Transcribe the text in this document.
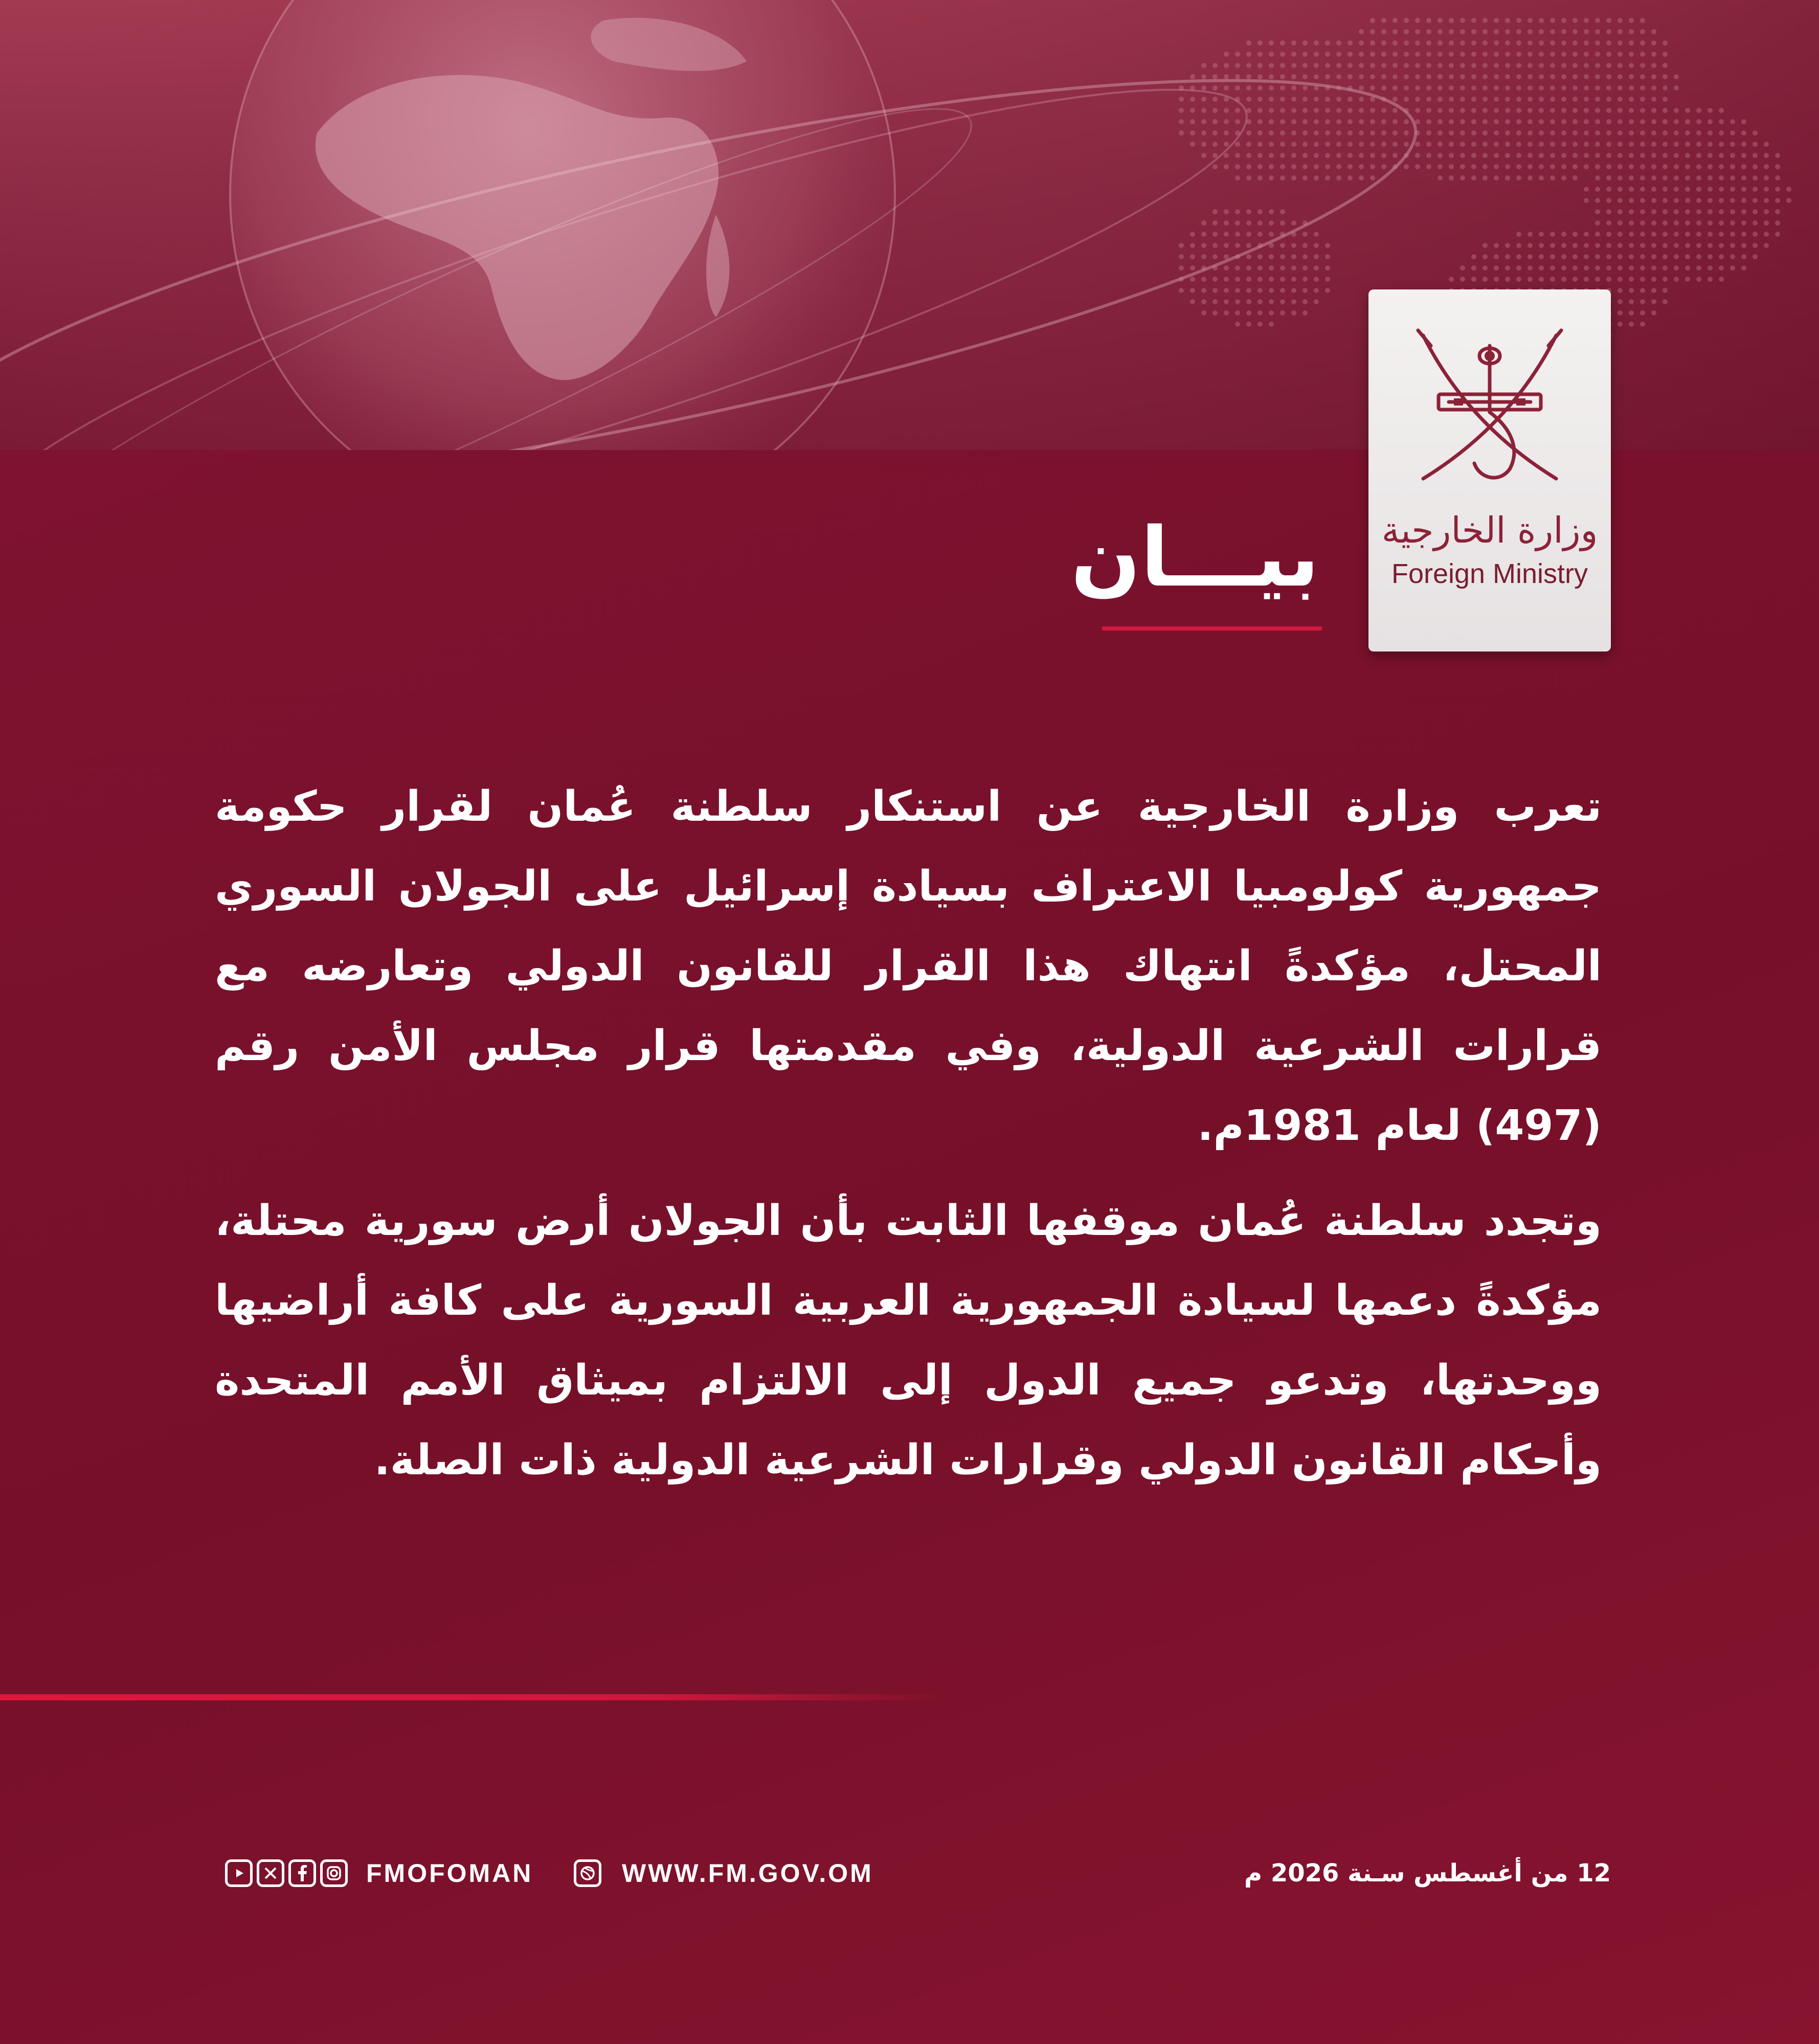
وزارة الخارجية
Foreign Ministry
بيـــان
تعرب وزارة الخارجية عن استنكار سلطنة عُمان لقرار حكومة جمهورية كولومبيا الاعتراف بسيادة إسرائيل على الجولان السوري المحتل، مؤكدةً انتهاك هذا القرار للقانون الدولي وتعارضه مع قرارات الشرعية الدولية، وفي مقدمتها قرار مجلس الأمن رقم (497) لعام 1981م.
وتجدد سلطنة عُمان موقفها الثابت بأن الجولان أرض سورية محتلة، مؤكدةً دعمها لسيادة الجمهورية العربية السورية على كافة أراضيها ووحدتها، وتدعو جميع الدول إلى الالتزام بميثاق الأمم المتحدة وأحكام القانون الدولي وقرارات الشرعية الدولية ذات الصلة.
FMOFOMAN	WWW.FM.GOV.OM	12 من أغسطس سـنة 2026 م
